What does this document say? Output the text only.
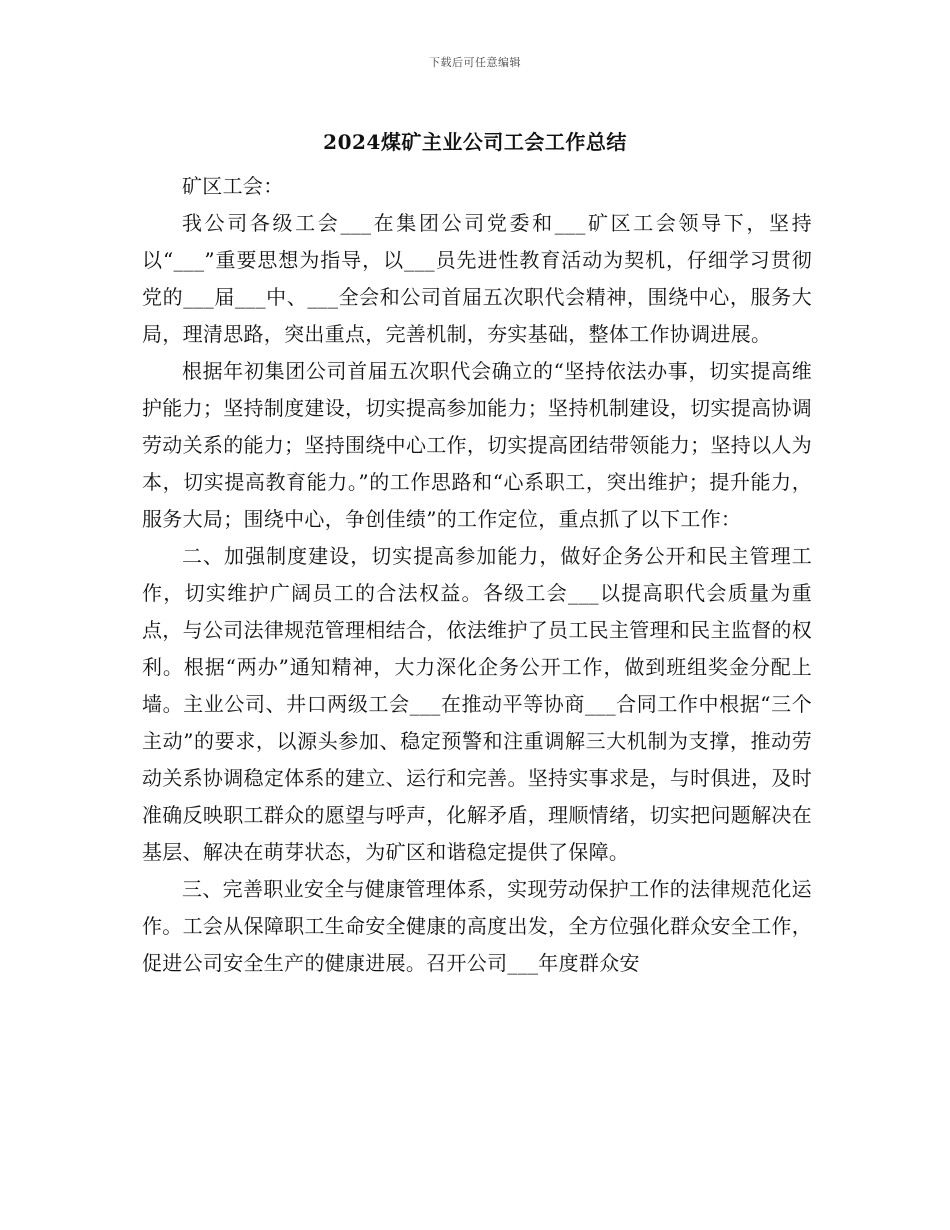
下载后可任意编辑
2024煤矿主业公司工会工作总结

矿区工会：

我公司各级工会___在集团公司党委和___矿区工会领导下，坚持以“___”重要思想为指导，以___员先进性教育活动为契机，仔细学习贯彻党的___届___中、___全会和公司首届五次职代会精神，围绕中心，服务大局，理清思路，突出重点，完善机制，夯实基础，整体工作协调进展。

根据年初集团公司首届五次职代会确立的“坚持依法办事，切实提高维护能力；坚持制度建设，切实提高参加能力；坚持机制建设，切实提高协调劳动关系的能力；坚持围绕中心工作，切实提高团结带领能力；坚持以人为本，切实提高教育能力。”的工作思路和“心系职工，突出维护；提升能力，服务大局；围绕中心，争创佳绩”的工作定位，重点抓了以下工作：

二、加强制度建设，切实提高参加能力，做好企务公开和民主管理工作，切实维护广阔员工的合法权益。各级工会___以提高职代会质量为重点，与公司法律规范管理相结合，依法维护了员工民主管理和民主监督的权利。根据“两办”通知精神，大力深化企务公开工作，做到班组奖金分配上墙。主业公司、井口两级工会___在推动平等协商___合同工作中根据“三个主动”的要求，以源头参加、稳定预警和注重调解三大机制为支撑，推动劳动关系协调稳定体系的建立、运行和完善。坚持实事求是，与时俱进，及时准确反映职工群众的愿望与呼声，化解矛盾，理顺情绪，切实把问题解决在基层、解决在萌芽状态，为矿区和谐稳定提供了保障。

三、完善职业安全与健康管理体系，实现劳动保护工作的法律规范化运作。工会从保障职工生命安全健康的高度出发，全方位强化群众安全工作，促进公司安全生产的健康进展。召开公司___年度群众安
